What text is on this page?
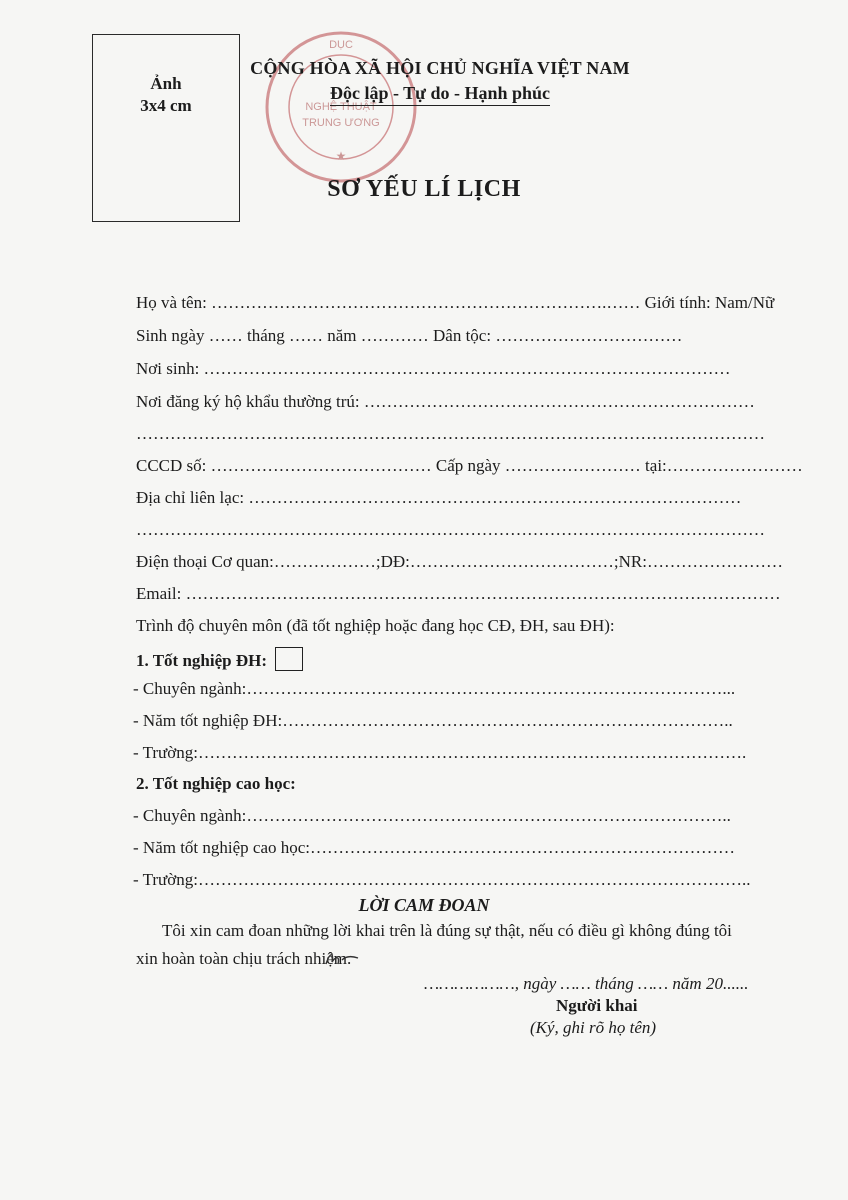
Ảnh
3x4 cm
DỤC
NGHỆ THUẬT
TRUNG ƯƠNG
★
CỘNG HÒA XÃ HỘI CHỦ NGHĨA VIỆT NAM
Độc lập - Tự do - Hạnh phúc
SƠ YẾU LÍ LỊCH
Họ và tên: …………………………………………………………….…… Giới tính: Nam/Nữ
Sinh ngày …… tháng …… năm ………… Dân tộc: ……………………………
Nơi sinh: …………………………………………………………………………………
Nơi đăng ký hộ khẩu thường trú: ……………………………………………………………
…………………………………………………………………………………………………
CCCD số: ………………………………… Cấp ngày …………………… tại:……………………
Địa chỉ liên lạc: ……………………………………………………………………………
…………………………………………………………………………………………………
Điện thoại Cơ quan:………………;DĐ:………………………………;NR:……………………
Email: ……………………………………………………………………………………………
Trình độ chuyên môn (đã tốt nghiệp hoặc đang học CĐ, ĐH, sau ĐH):
1. Tốt nghiệp ĐH:
- Chuyên ngành:…………………………………………………………………………...
- Năm tốt nghiệp ĐH:……………………………………………………………………..
- Trường:…………………………………………………………………………………….
2. Tốt nghiệp cao học:
- Chuyên ngành:…………………………………………………………………………..
- Năm tốt nghiệp cao học:…………………………………………………………………
- Trường:……………………………………………………………………………………..
LỜI CAM ĐOAN
Tôi xin cam đoan những lời khai trên là đúng sự thật, nếu có điều gì không đúng tôi
xin hoàn toàn chịu trách nhiệm.
………………, ngày …… tháng …… năm 20......
Người khai
(Ký, ghi rõ họ tên)
